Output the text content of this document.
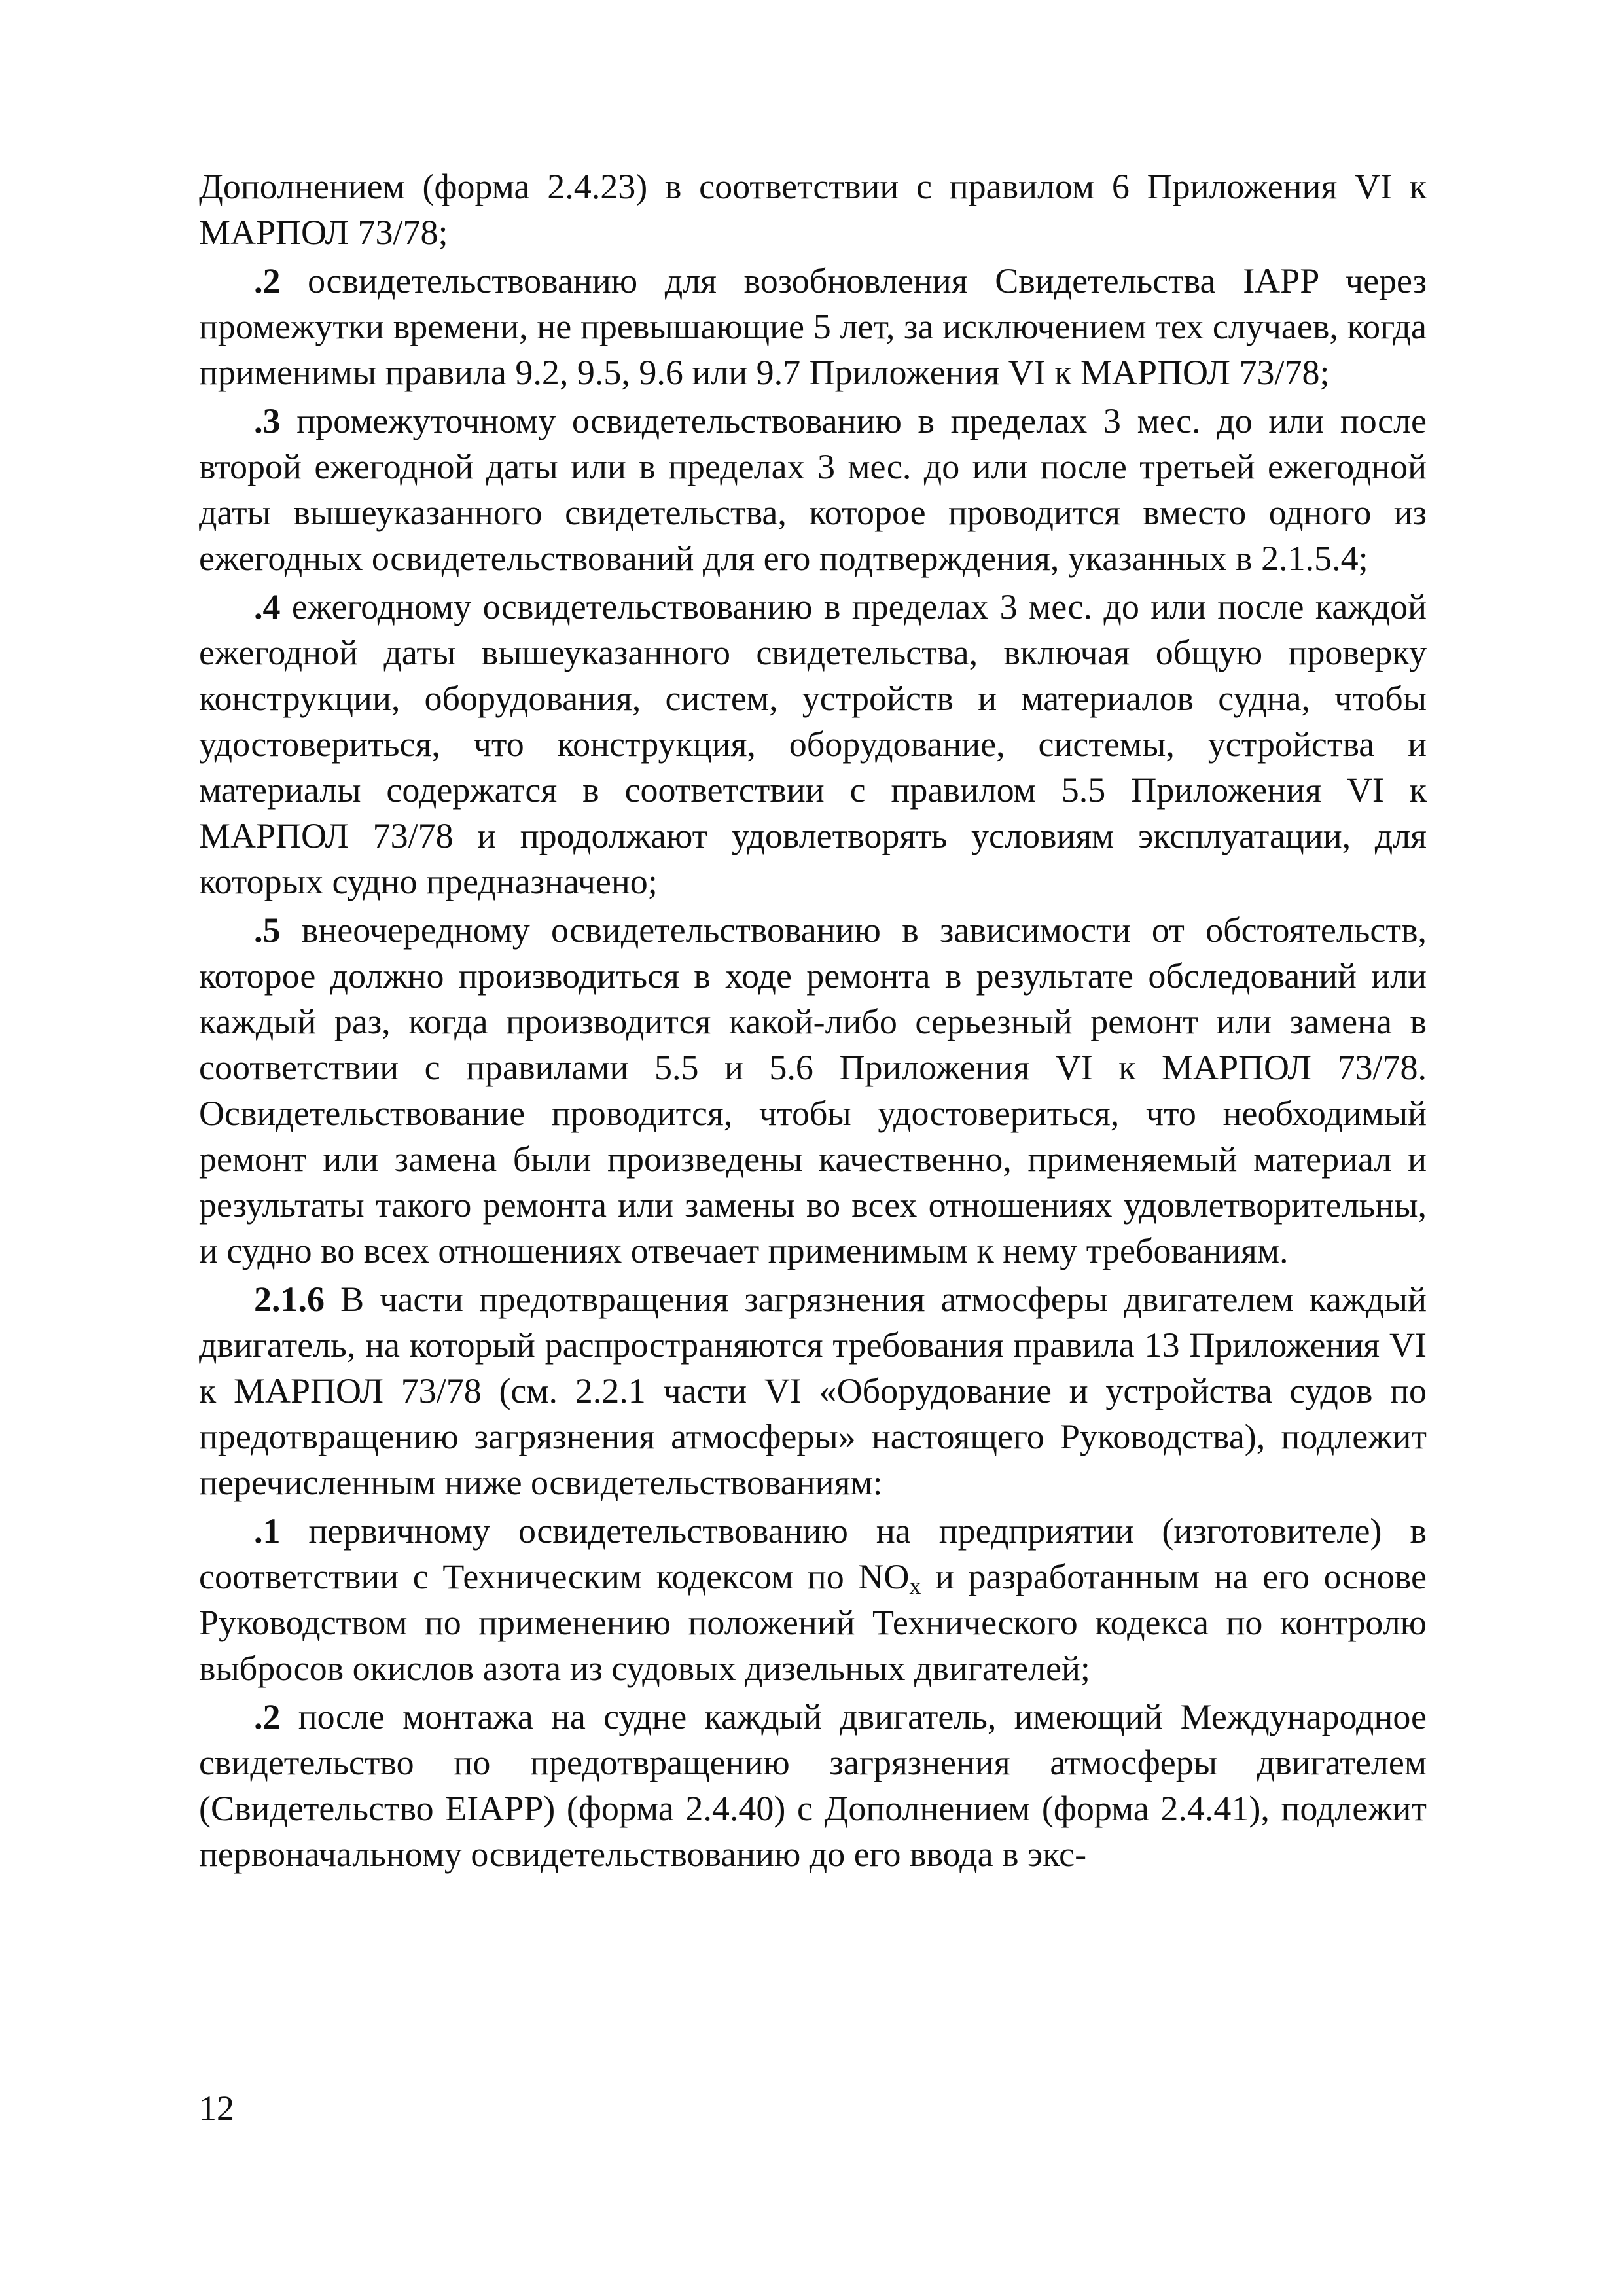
Дополнением (форма 2.4.23) в соответствии с правилом 6 Приложения VI к МАРПОЛ 73/78;

.2 освидетельствованию для возобновления Свидетельства IAPP через промежутки времени, не превышающие 5 лет, за исключением тех случаев, когда применимы правила 9.2, 9.5, 9.6 или 9.7 Приложения VI к МАРПОЛ 73/78;

.3 промежуточному освидетельствованию в пределах 3 мес. до или после второй ежегодной даты или в пределах 3 мес. до или после третьей ежегодной даты вышеуказанного свидетельства, которое проводится вместо одного из ежегодных освидетельствований для его подтверждения, указанных в 2.1.5.4;

.4 ежегодному освидетельствованию в пределах 3 мес. до или после каждой ежегодной даты вышеуказанного свидетельства, включая общую проверку конструкции, оборудования, систем, устройств и материалов судна, чтобы удостовериться, что конструкция, оборудование, системы, устройства и материалы содержатся в соответствии с правилом 5.5 Приложения VI к МАРПОЛ 73/78 и продолжают удовлетворять условиям эксплуатации, для которых судно предназначено;

.5 внеочередному освидетельствованию в зависимости от обстоятельств, которое должно производиться в ходе ремонта в результате обследований или каждый раз, когда производится какой-либо серьезный ремонт или замена в соответствии с правилами 5.5 и 5.6 Приложения VI к МАРПОЛ 73/78. Освидетельствование проводится, чтобы удостовериться, что необходимый ремонт или замена были произведены качественно, применяемый материал и результаты такого ремонта или замены во всех отношениях удовлетворительны, и судно во всех отношениях отвечает применимым к нему требованиям.

2.1.6 В части предотвращения загрязнения атмосферы двигателем каждый двигатель, на который распространяются требования правила 13 Приложения VI к МАРПОЛ 73/78 (см. 2.2.1 части VI «Оборудование и устройства судов по предотвращению загрязнения атмосферы» настоящего Руководства), подлежит перечисленным ниже освидетельствованиям:

.1 первичному освидетельствованию на предприятии (изготовителе) в соответствии с Техническим кодексом по $NO_x$ и разработанным на его основе Руководством по применению положений Технического кодекса по контролю выбросов окислов азота из судовых дизельных двигателей;

.2 после монтажа на судне каждый двигатель, имеющий Международное свидетельство по предотвращению загрязнения атмосферы двигателем (Свидетельство EIAPP) (форма 2.4.40) с Дополнением (форма 2.4.41), подлежит первоначальному освидетельствованию до его ввода в экс-

12
